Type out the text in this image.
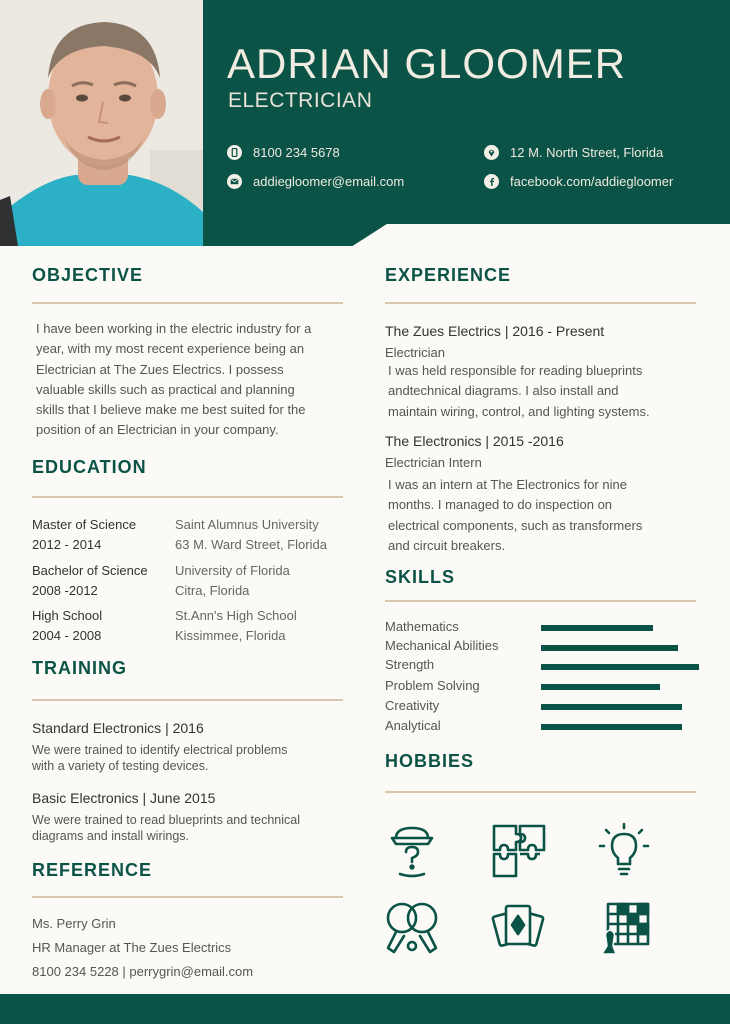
ADRIAN GLOOMER
ELECTRICIAN
8100 234 5678	12 M. North Street, Florida
addiegloomer@email.com	facebook.com/addiegloomer
OBJECTIVE
I have been working in the electric industry for a
year, with my most recent experience being an
Electrician at The Zues Electrics. I possess
valuable skills such as practical and planning
skills that I believe make me best suited for the
position of an Electrician in your company.
EDUCATION
Master of Science
2012 - 2014
Saint Alumnus University
63 M. Ward Street, Florida
Bachelor of Science
2008 -2012
University of Florida
Citra, Florida
High School
2004 - 2008
St.Ann's High School
Kissimmee, Florida
TRAINING
Standard Electronics | 2016
We were trained to identify electrical problems
with a variety of testing devices.
Basic Electronics | June 2015
We were trained to read blueprints and technical
diagrams and install wirings.
REFERENCE
Ms. Perry Grin
HR Manager at The Zues Electrics
8100 234 5228 | perrygrin@email.com
EXPERIENCE
The Zues Electrics | 2016 - Present
Electrician
I was held responsible for reading blueprints
andtechnical diagrams. I also install and
maintain wiring, control, and lighting systems.
The Electronics | 2015 -2016
Electrician Intern
I was an intern at The Electronics for nine
months. I managed to do inspection on
electrical components, such as transformers
and circuit breakers.
SKILLS
Mathematics
Mechanical Abilities
Strength
Problem Solving
Creativity
Analytical
HOBBIES
